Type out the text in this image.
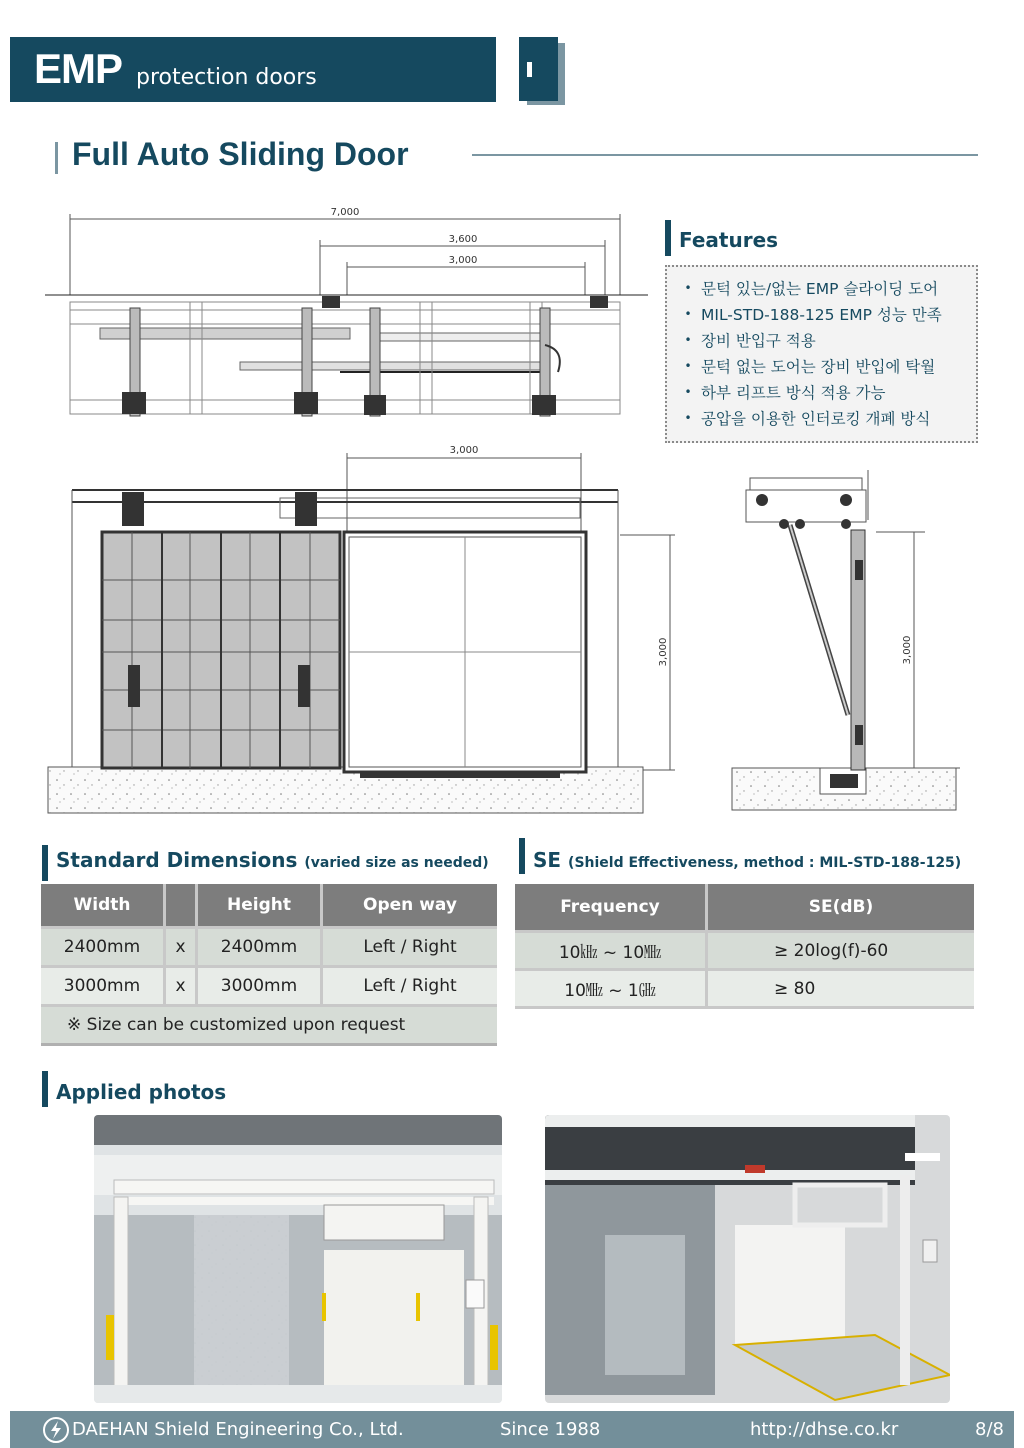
EMP protection doors
Full Auto Sliding Door
7,000
3,600
3,000
Features
• 문턱 있는/없는 EMP 슬라이딩 도어
• MIL-STD-188-125 EMP 성능 만족
• 장비 반입구 적용
• 문턱 없는 도어는 장비 반입에 탁월
• 하부 리프트 방식 적용 가능
• 공압을 이용한 인터로킹 개폐 방식
3,000
3,000	3,000
Standard Dimensions (varied size as needed)
Width		Height	Open way
2400mm	x	2400mm	Left / Right
3000mm	x	3000mm	Left / Right
※ Size can be customized upon request			
SE (Shield Effectiveness, method : MIL-STD-188-125)
Frequency	SE(dB)
10㎑ ~ 10㎒	≥ 20log(f)-60
10㎒ ~ 1㎓	≥ 80
Applied photos
DAEHAN Shield Engineering Co., Ltd.	Since 1988	http://dhse.co.kr	8/8
